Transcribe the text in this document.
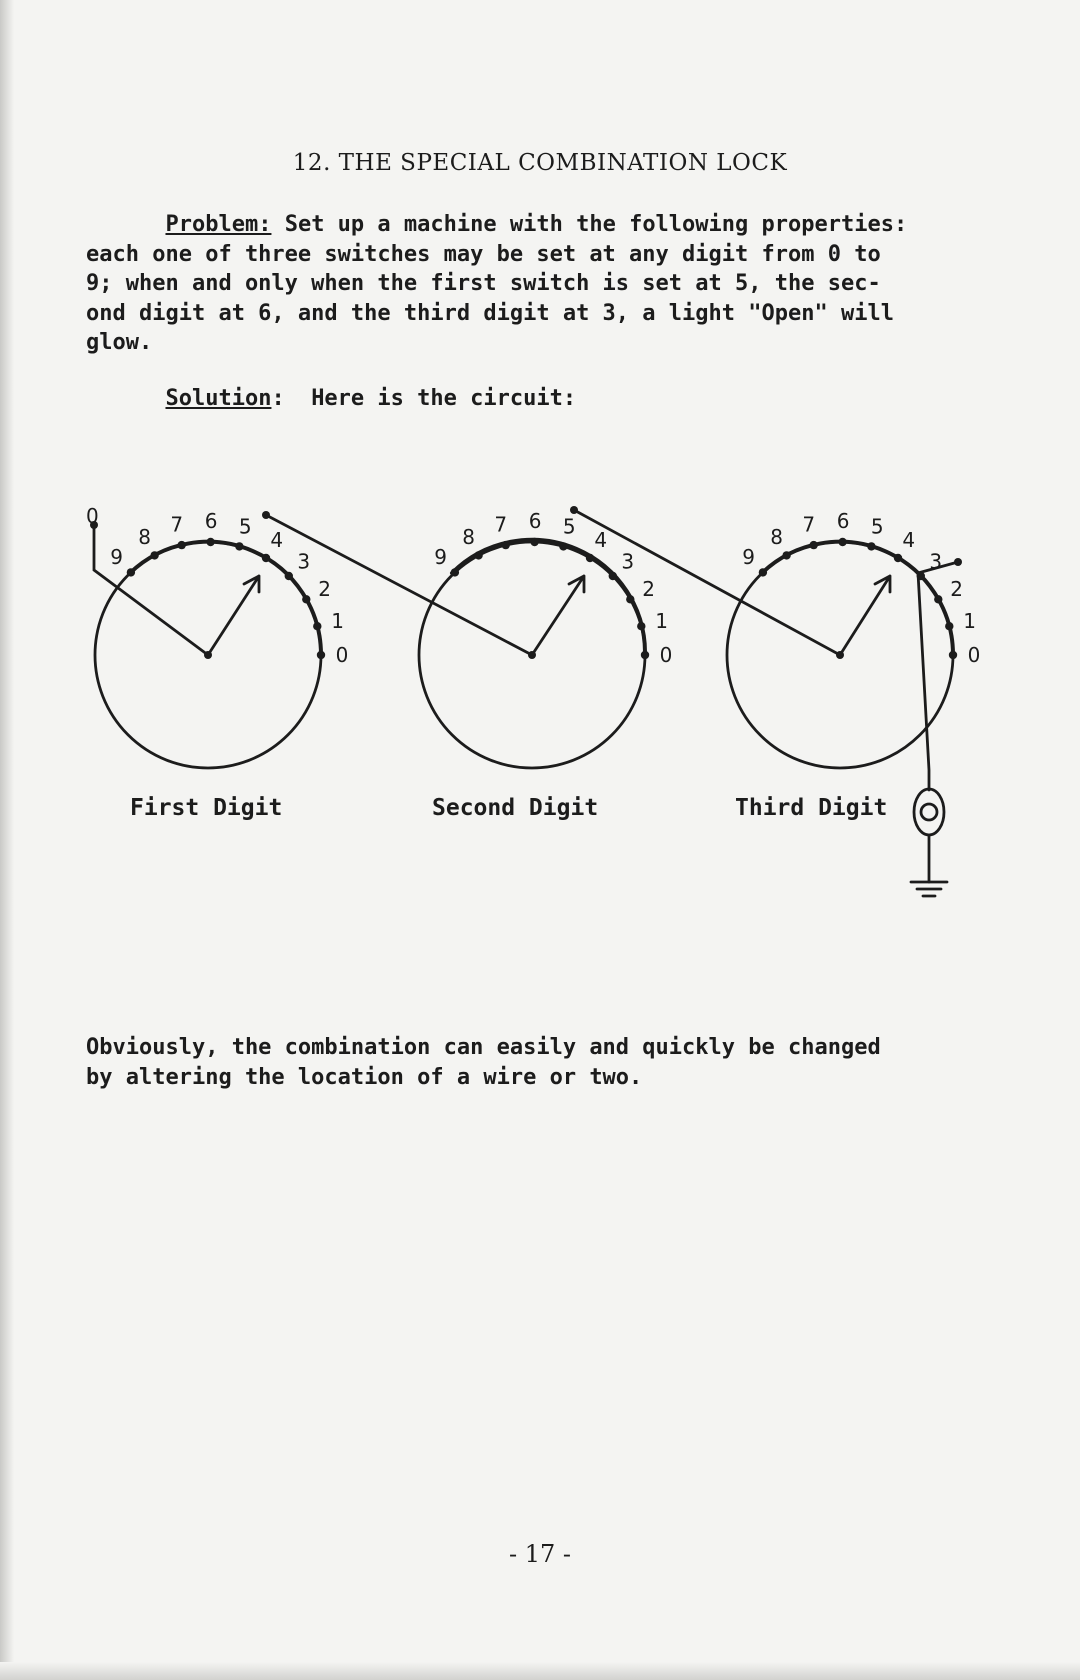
12. THE SPECIAL COMBINATION LOCK
Problem: Set up a machine with the following properties:
each one of three switches may be set at any digit from 0 to
9; when and only when the first switch is set at 5, the sec-
ond digit at 6, and the third digit at 3, a light "Open" will
glow.
Solution:  Here is the circuit:
0
0
1
2
3
4
5
6
7
8
9
0
1
2
3
4
5
6
7
8
9
0
1
2
3
4
5
6
7
8
9
First Digit	Second Digit	Third Digit
Obviously, the combination can easily and quickly be changed
by altering the location of a wire or two.
- 17 -
